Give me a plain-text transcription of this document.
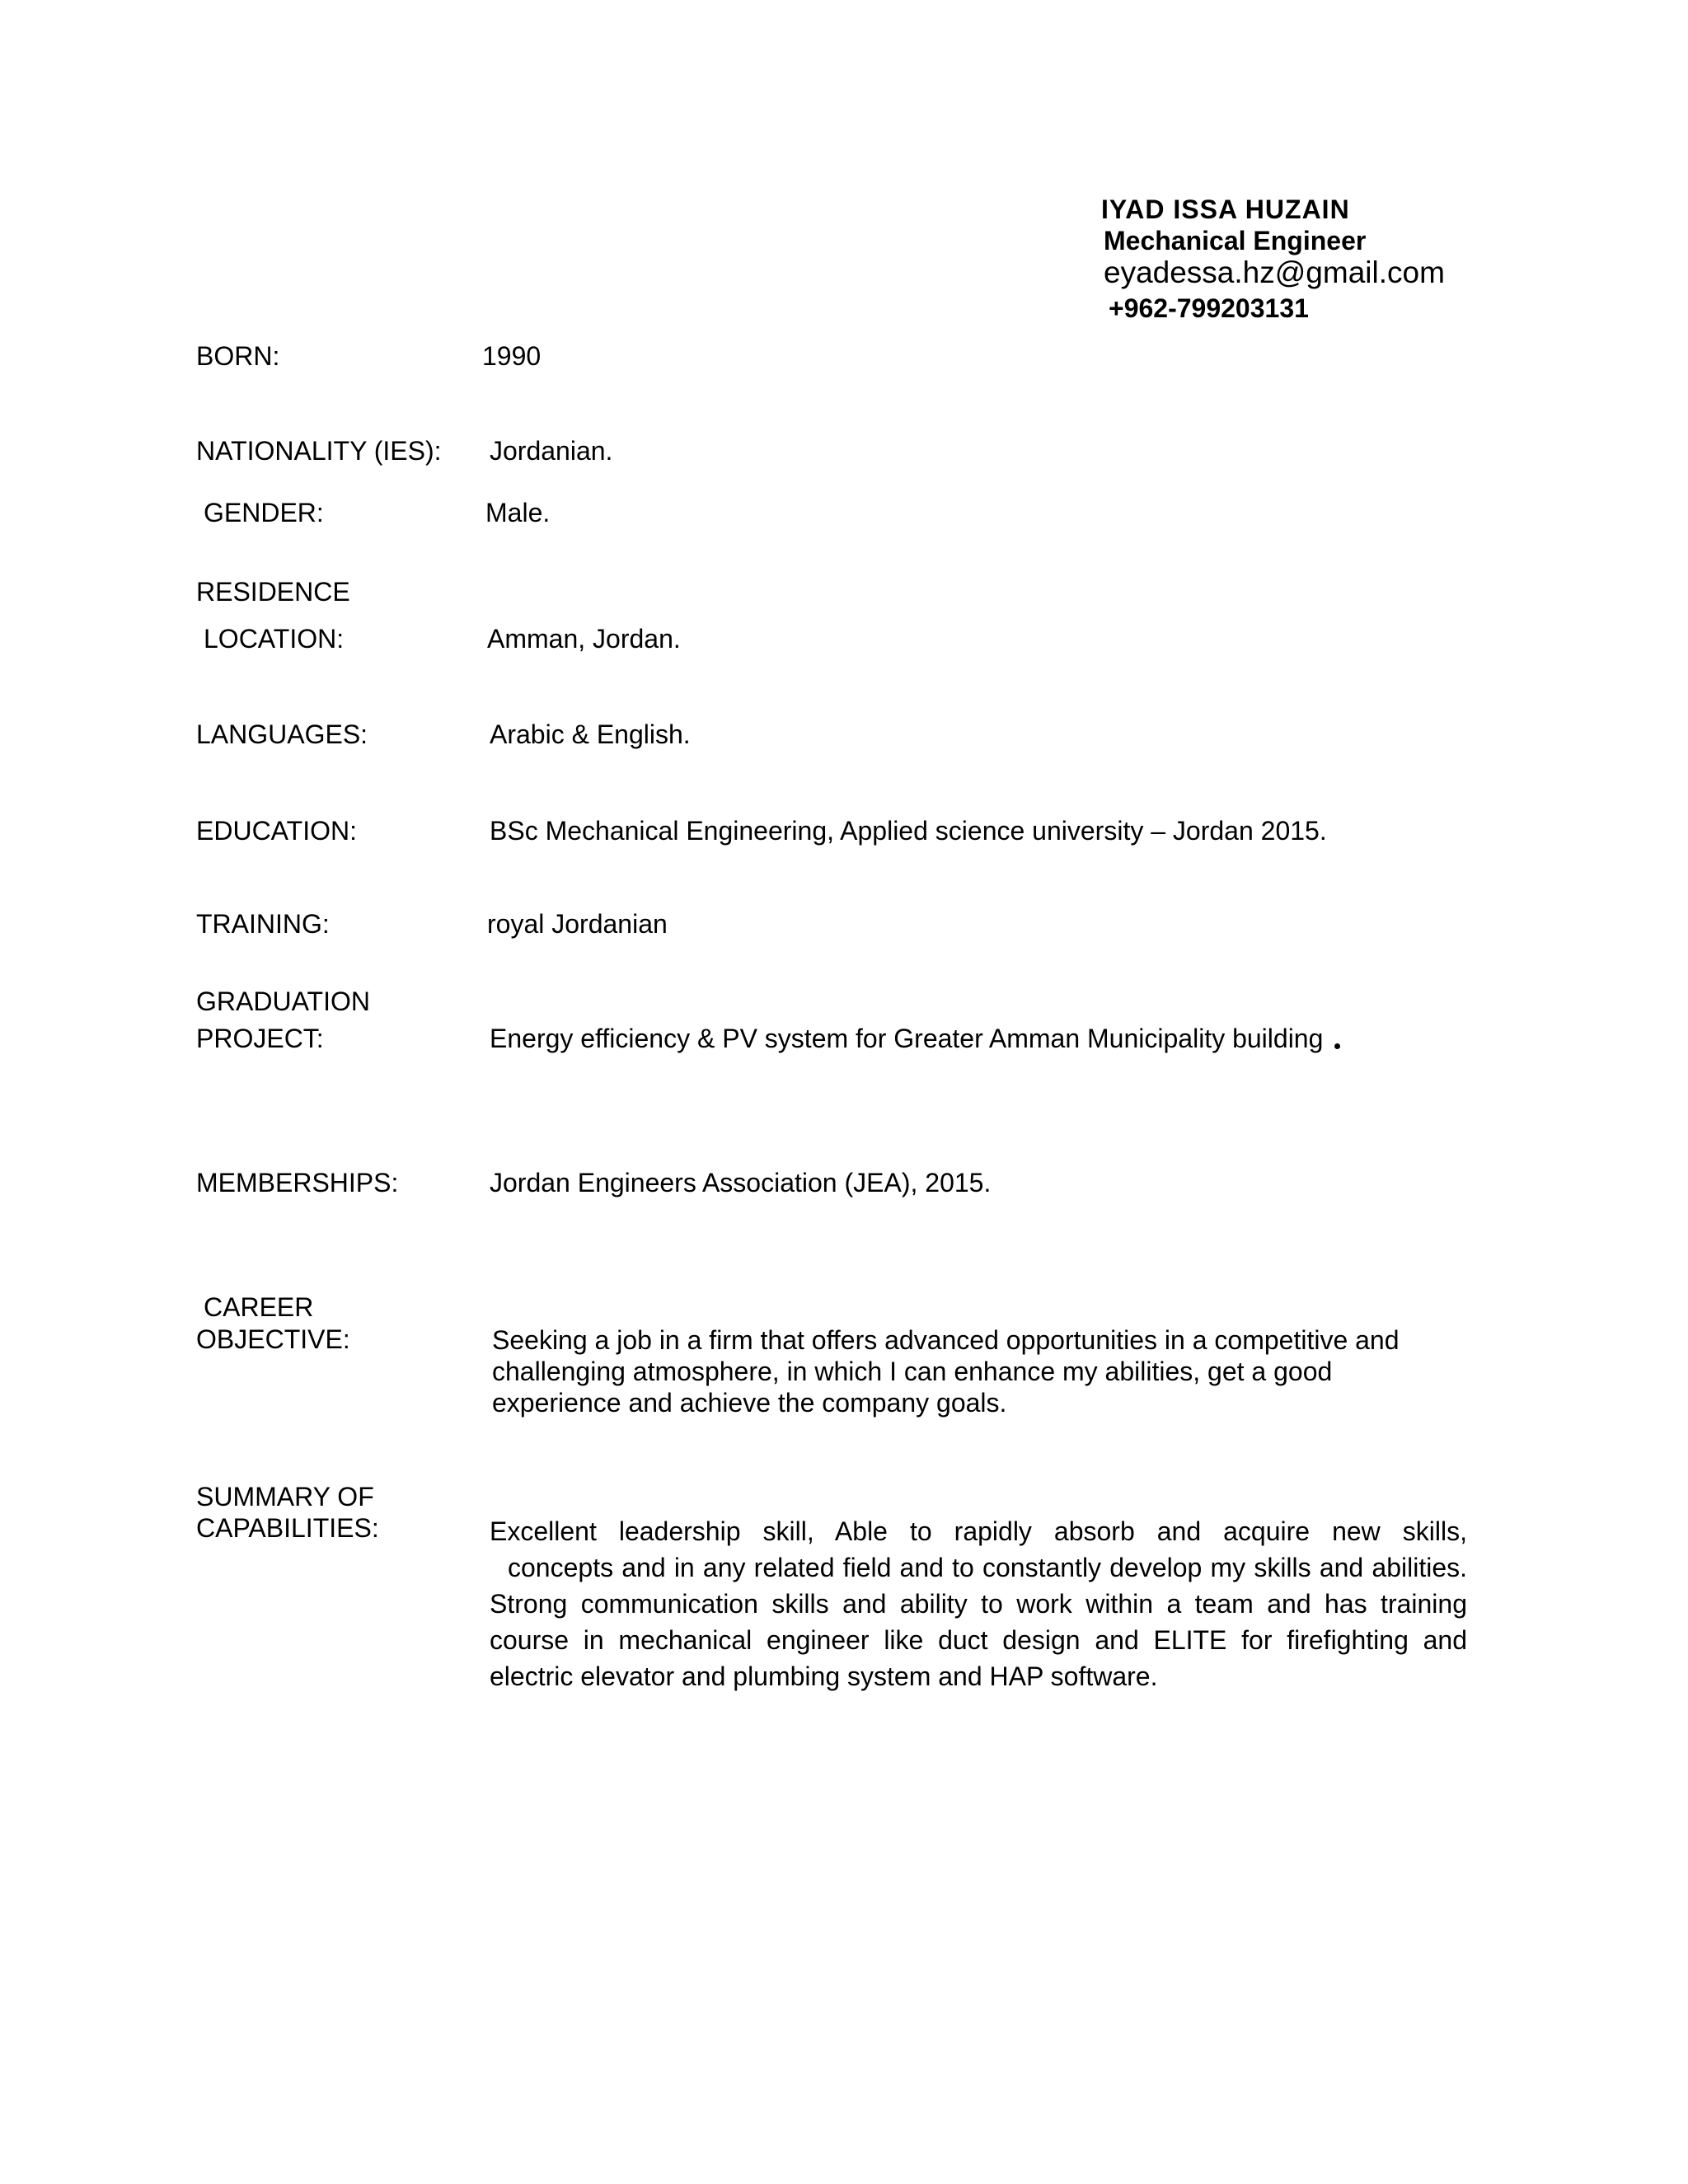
IYAD ISSA HUZAIN
Mechanical Engineer
eyadessa.hz@gmail.com
+962-799203131
BORN:	1990
NATIONALITY (IES): Jordanian.
GENDER:	Male.
RESIDENCE
LOCATION:	Amman, Jordan.
LANGUAGES:	Arabic & English.
EDUCATION:	BSc Mechanical Engineering, Applied science university – Jordan 2015.
TRAINING:	royal Jordanian
GRADUATION
PROJECT:	Energy efficiency & PV system for Greater Amman Municipality building
MEMBERSHIPS:	Jordan Engineers Association (JEA), 2015.
CAREER
OBJECTIVE:	Seeking a job in a firm that offers advanced opportunities in a competitive and
challenging atmosphere, in which I can enhance my abilities, get a good
experience and achieve the company goals.
SUMMARY OF
CAPABILITIES:	Excellent leadership skill, Able to rapidly absorb and acquire new skills,
concepts and in any related field and to constantly develop my skills and abilities.
Strong communication skills and ability to work within a team and has training
course in mechanical engineer like duct design and ELITE for firefighting and
electric elevator and plumbing system and HAP software.
